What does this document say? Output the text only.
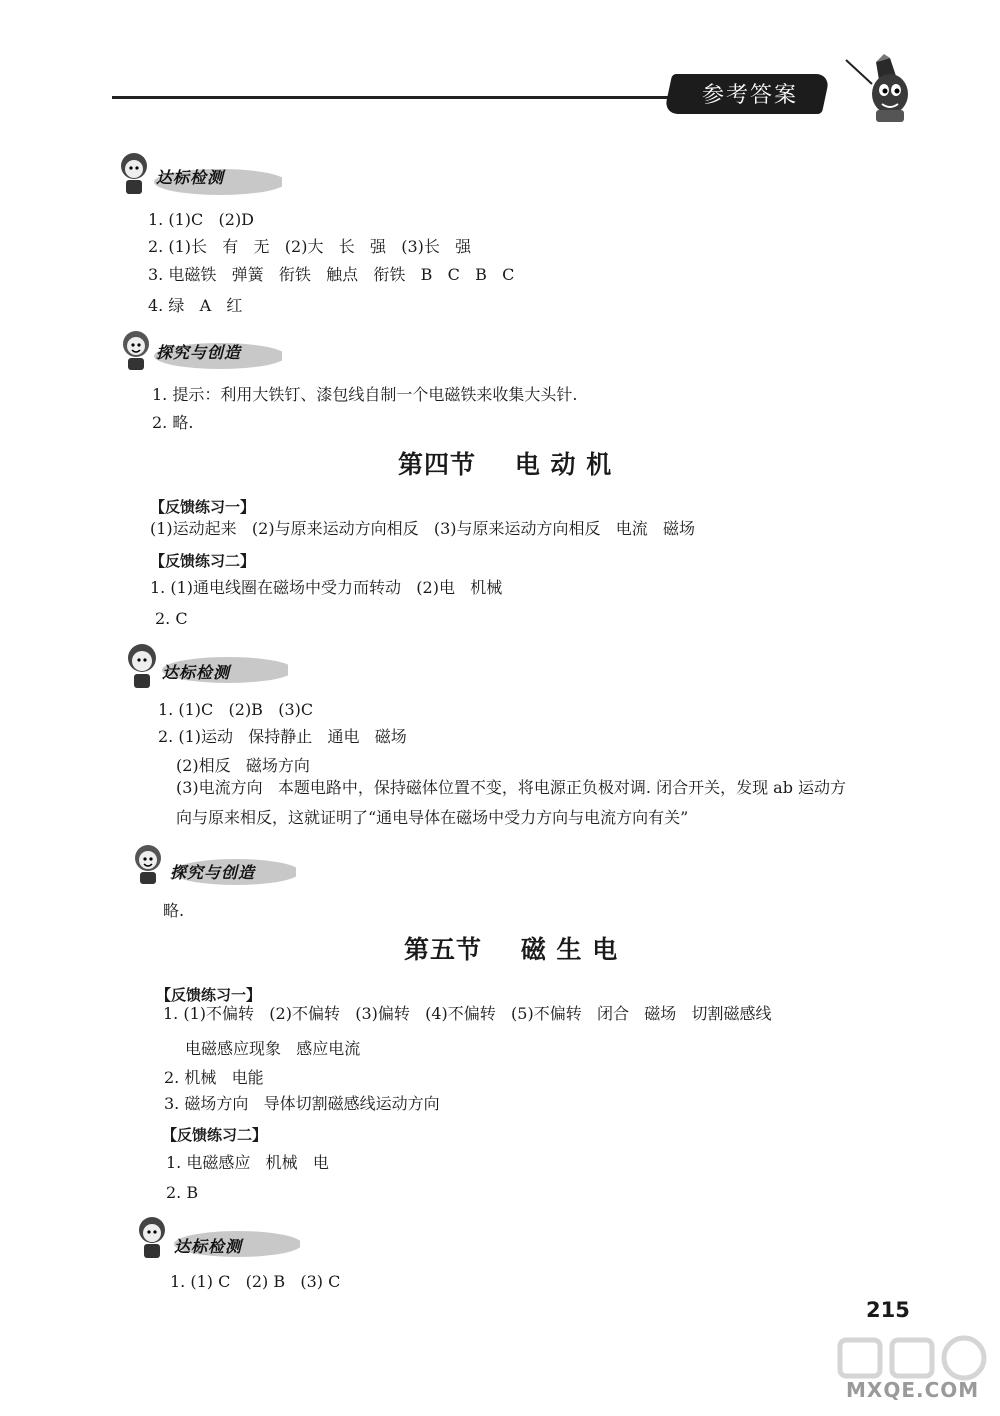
参考答案
达标检测
1. (1)C   (2)D
2. (1)长   有   无   (2)大   长   强   (3)长   强
3. 电磁铁   弹簧   衔铁   触点   衔铁   B   C   B   C
4. 绿   A   红
探究与创造
1. 提示：利用大铁钉、漆包线自制一个电磁铁来收集大头针.
2. 略.
第四节    电 动 机
【反馈练习一】
(1)运动起来   (2)与原来运动方向相反   (3)与原来运动方向相反   电流   磁场
【反馈练习二】
1. (1)通电线圈在磁场中受力而转动   (2)电   机械
2. C
达标检测
1. (1)C   (2)B   (3)C
2. (1)运动   保持静止   通电   磁场
(2)相反   磁场方向
(3)电流方向   本题电路中，保持磁体位置不变，将电源正负极对调. 闭合开关，发现 ab 运动方
向与原来相反，这就证明了“通电导体在磁场中受力方向与电流方向有关”
探究与创造
略.
第五节    磁 生 电
【反馈练习一】
1. (1)不偏转   (2)不偏转   (3)偏转   (4)不偏转   (5)不偏转   闭合   磁场   切割磁感线
电磁感应现象   感应电流
2. 机械   电能
3. 磁场方向   导体切割磁感线运动方向
【反馈练习二】
1. 电磁感应   机械   电
2. B
达标检测
1. (1) C   (2) B   (3) C
215
MXQE.COM
